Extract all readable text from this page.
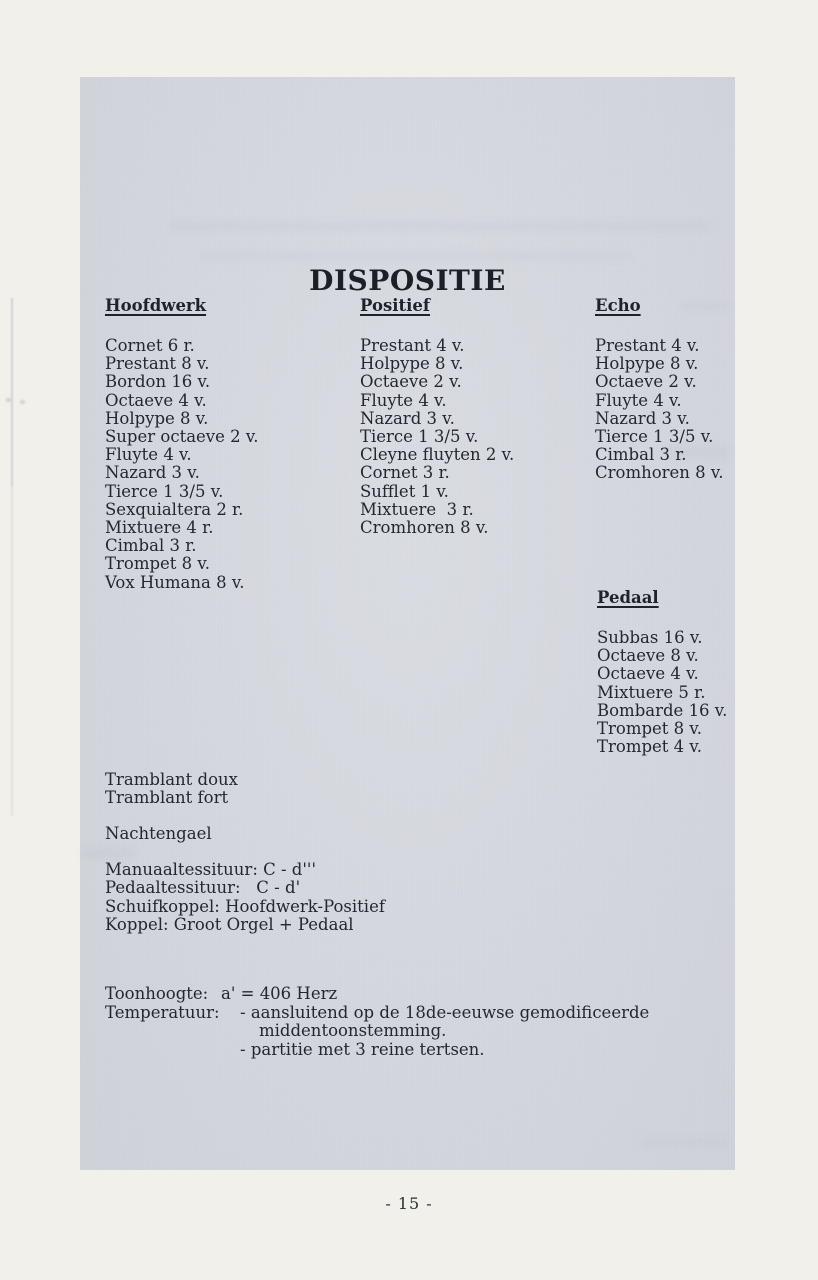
DISPOSITIE
Hoofdwerk
Cornet 6 r.
Prestant 8 v.
Bordon 16 v.
Octaeve 4 v.
Holpype 8 v.
Super octaeve 2 v.
Fluyte 4 v.
Nazard 3 v.
Tierce 1 3/5 v.
Sexquialtera 2 r.
Mixtuere 4 r.
Cimbal 3 r.
Trompet 8 v.
Vox Humana 8 v.
Positief
Prestant 4 v.
Holpype 8 v.
Octaeve 2 v.
Fluyte 4 v.
Nazard 3 v.
Tierce 1 3/5 v.
Cleyne fluyten 2 v.
Cornet 3 r.
Sufflet 1 v.
Mixtuere  3 r.
Cromhoren 8 v.
Echo
Prestant 4 v.
Holpype 8 v.
Octaeve 2 v.
Fluyte 4 v.
Nazard 3 v.
Tierce 1 3/5 v.
Cimbal 3 r.
Cromhoren 8 v.
Pedaal
Subbas 16 v.
Octaeve 8 v.
Octaeve 4 v.
Mixtuere 5 r.
Bombarde 16 v.
Trompet 8 v.
Trompet 4 v.
Tramblant doux
Tramblant fort
Nachtengael
Manuaaltessituur: C - d'''
Pedaaltessituur:   C - d'
Schuifkoppel: Hoofdwerk-Positief
Koppel: Groot Orgel + Pedaal
Toonhoogte: a' = 406 Herz
Temperatuur: - aansluitend op de 18de-eeuwse gemodificeerde
middentoonstemming.
- partitie met 3 reine tertsen.
- 15 -
